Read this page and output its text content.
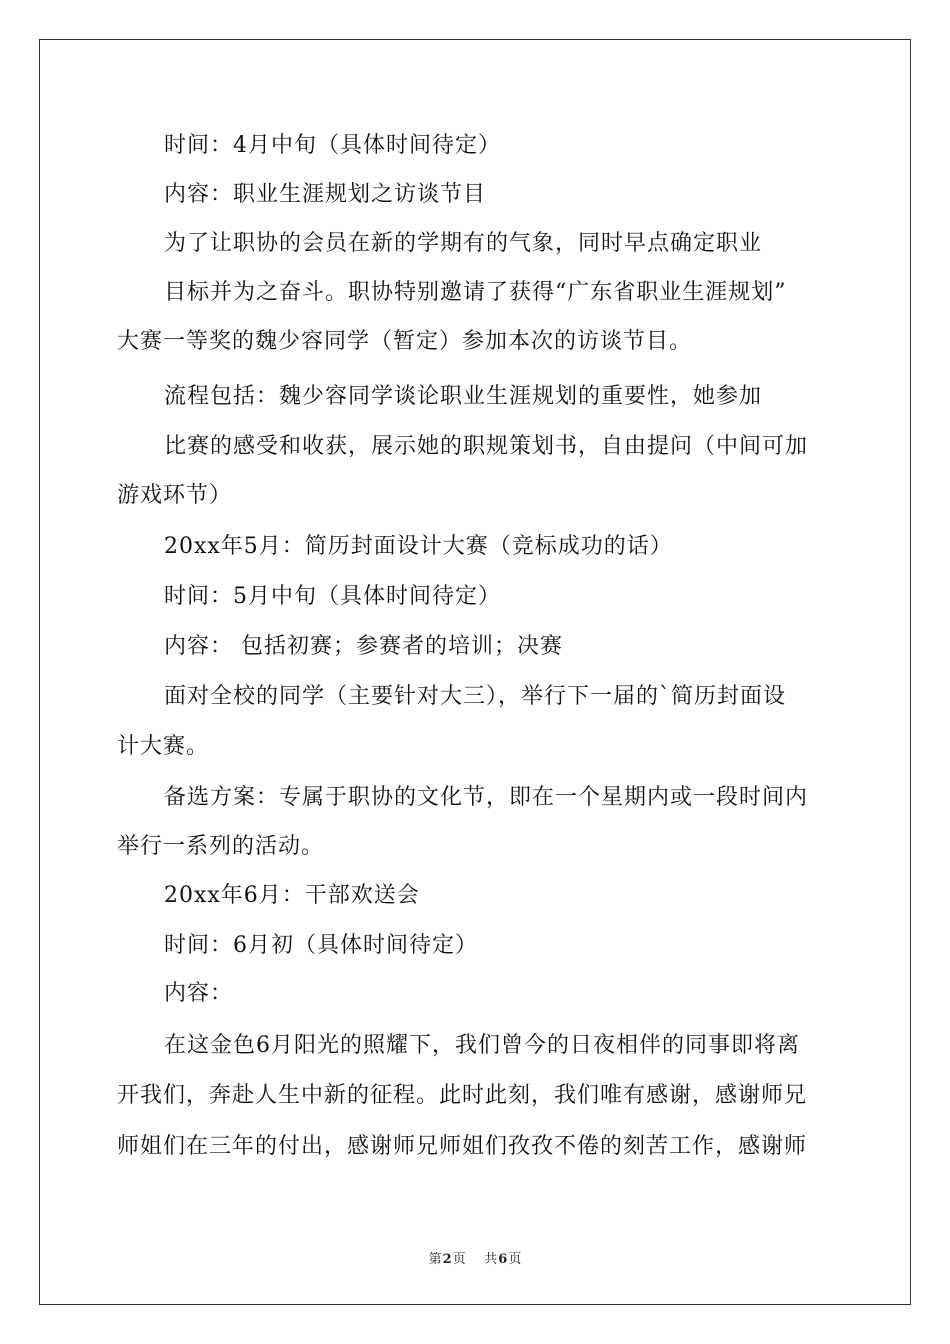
时间：4月中旬（具体时间待定）
内容：职业生涯规划之访谈节目
为了让职协的会员在新的学期有的气象，同时早点确定职业
目标并为之奋斗。职协特别邀请了获得“广东省职业生涯规划”
大赛一等奖的魏少容同学（暂定）参加本次的访谈节目。
流程包括：魏少容同学谈论职业生涯规划的重要性，她参加
比赛的感受和收获，展示她的职规策划书，自由提问（中间可加
游戏环节）
20xx年5月：简历封面设计大赛（竞标成功的话）
时间：5月中旬（具体时间待定）
内容： 包括初赛；参赛者的培训；决赛
面对全校的同学（主要针对大三），举行下一届的`简历封面设
计大赛。
备选方案：专属于职协的文化节，即在一个星期内或一段时间内
举行一系列的活动。
20xx年6月：干部欢送会
时间：6月初（具体时间待定）
内容：
在这金色6月阳光的照耀下，我们曾今的日夜相伴的同事即将离
开我们，奔赴人生中新的征程。此时此刻，我们唯有感谢，感谢师兄
师姐们在三年的付出，感谢师兄师姐们孜孜不倦的刻苦工作，感谢师
第2页 共6页
